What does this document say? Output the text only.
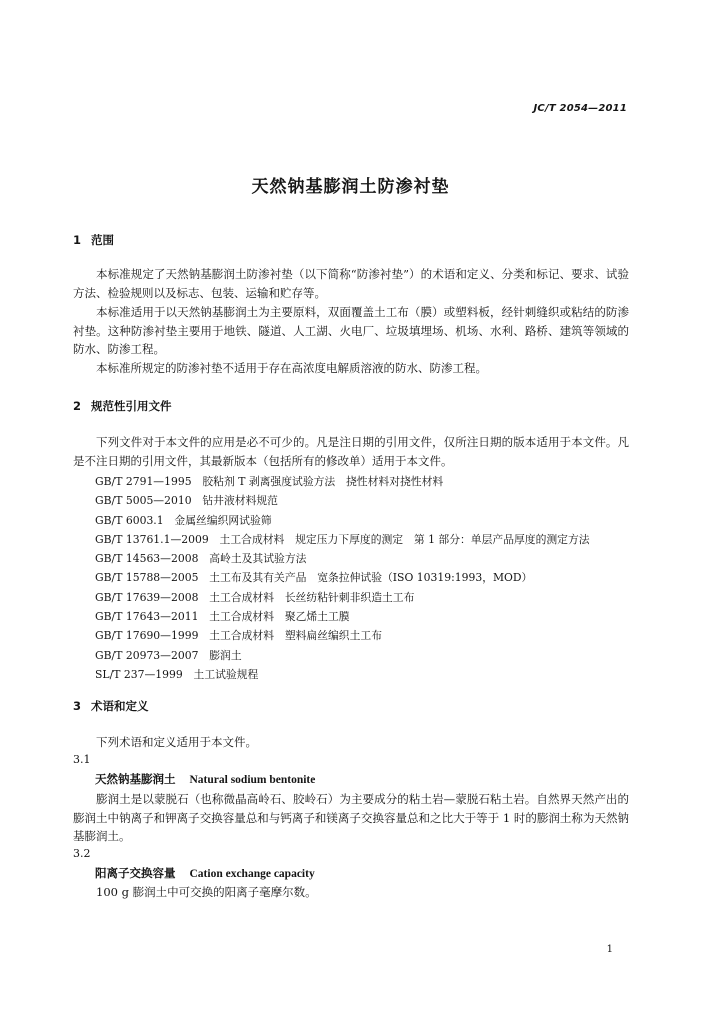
JC/T 2054—2011
天然钠基膨润土防渗衬垫
1 范围

本标准规定了天然钠基膨润土防渗衬垫（以下简称“防渗衬垫”）的术语和定义、分类和标记、要求、试验方法、检验规则以及标志、包装、运输和贮存等。

本标准适用于以天然钠基膨润土为主要原料，双面覆盖土工布（膜）或塑料板，经针刺缝织或粘结的防渗衬垫。这种防渗衬垫主要用于地铁、隧道、人工湖、火电厂、垃圾填埋场、机场、水利、路桥、建筑等领域的防水、防渗工程。

本标准所规定的防渗衬垫不适用于存在高浓度电解质溶液的防水、防渗工程。

2 规范性引用文件

下列文件对于本文件的应用是必不可少的。凡是注日期的引用文件，仅所注日期的版本适用于本文件。凡是不注日期的引用文件，其最新版本（包括所有的修改单）适用于本文件。

GB/T 2791—1995　胶粘剂 T 剥离强度试验方法　挠性材料对挠性材料
GB/T 5005—2010　钻井液材料规范
GB/T 6003.1　金属丝编织网试验筛
GB/T 13761.1—2009　土工合成材料　规定压力下厚度的测定　第 1 部分：单层产品厚度的测定方法
GB/T 14563—2008　高岭土及其试验方法
GB/T 15788—2005　土工布及其有关产品　宽条拉伸试验（ISO 10319:1993，MOD）
GB/T 17639—2008　土工合成材料　长丝纺粘针刺非织造土工布
GB/T 17643—2011　土工合成材料　聚乙烯土工膜
GB/T 17690—1999　土工合成材料　塑料扁丝编织土工布
GB/T 20973—2007　膨润土
SL/T 237—1999　土工试验规程
3 术语和定义

下列术语和定义适用于本文件。

3.1
天然钠基膨润土 Natural sodium bentonite

膨润土是以蒙脱石（也称微晶高岭石、胶岭石）为主要成分的粘土岩—蒙脱石粘土岩。自然界天然产出的膨润土中钠离子和钾离子交换容量总和与钙离子和镁离子交换容量总和之比大于等于 1 时的膨润土称为天然钠基膨润土。

3.2
阳离子交换容量 Cation exchange capacity

100 g 膨润土中可交换的阳离子毫摩尔数。

1
